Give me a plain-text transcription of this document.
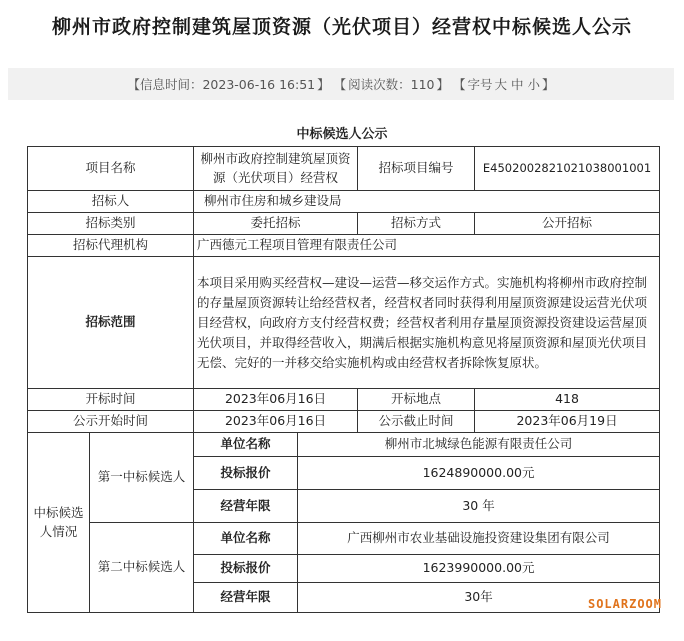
柳州市政府控制建筑屋顶资源（光伏项目）经营权中标候选人公示
【 信息时间： 2023-06-16 16:51 】 【 阅读次数： 110 】 【 字号 大 中 小 】
中标候选人公示
项目名称		柳州市政府控制建筑屋顶资源（光伏项目）经营权		招标项目编号	E4502002821021038001001
招标人		柳州市住房和城乡建设局			
招标类别		委托招标		招标方式	公开招标
招标代理机构		广西德元工程项目管理有限责任公司			
招标范围		本项目采用购买经营权—建设—运营—移交运作方式。实施机构将柳州市政府控制的存量屋顶资源转让给经营权者，经营权者同时获得利用屋顶资源建设运营光伏项目经营权，向政府方支付经营权费；经营权者利用存量屋顶资源投资建设运营屋顶光伏项目，并取得经营收入，期满后根据实施机构意见将屋顶资源和屋顶光伏项目无偿、完好的一并移交给实施机构或由经营权者拆除恢复原状。			
开标时间		2023年06月16日		开标地点	418
公示开始时间		2023年06月16日		公示截止时间	2023年06月19日
中标候选人情况	第一中标候选人	单位名称	柳州市北城绿色能源有限责任公司		
		投标报价	1624890000.00元		
		经营年限	30 年		
	第二中标候选人	单位名称	广西柳州市农业基础设施投资建设集团有限公司		
		投标报价	1623990000.00元		
		经营年限	30年			SOLARZOOM
